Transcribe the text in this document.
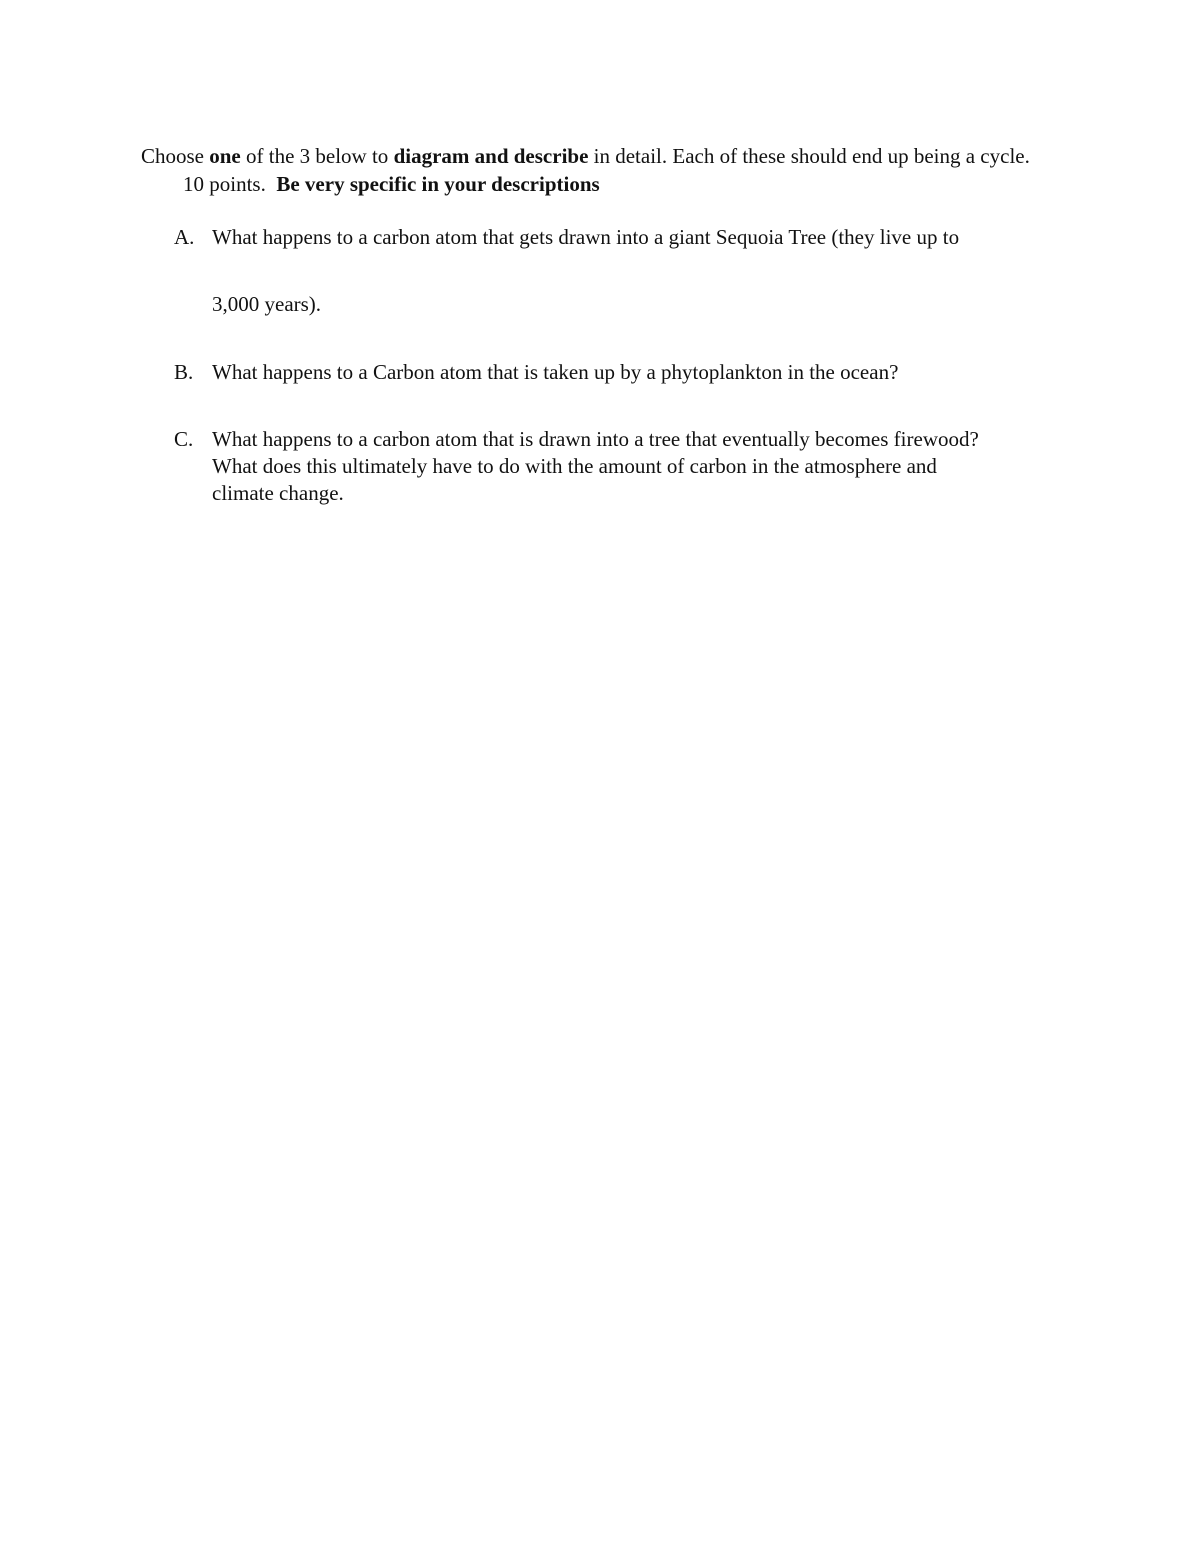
Choose one of the 3 below to diagram and describe in detail. Each of these should end up being a cycle.10 points. Be very specific in your descriptions
A. What happens to a carbon atom that gets drawn into a giant Sequoia Tree (they live up to
3,000 years).
B. What happens to a Carbon atom that is taken up by a phytoplankton in the ocean?
C. What happens to a carbon atom that is drawn into a tree that eventually becomes firewood? What does this ultimately have to do with the amount of carbon in the atmosphere and climate change.
